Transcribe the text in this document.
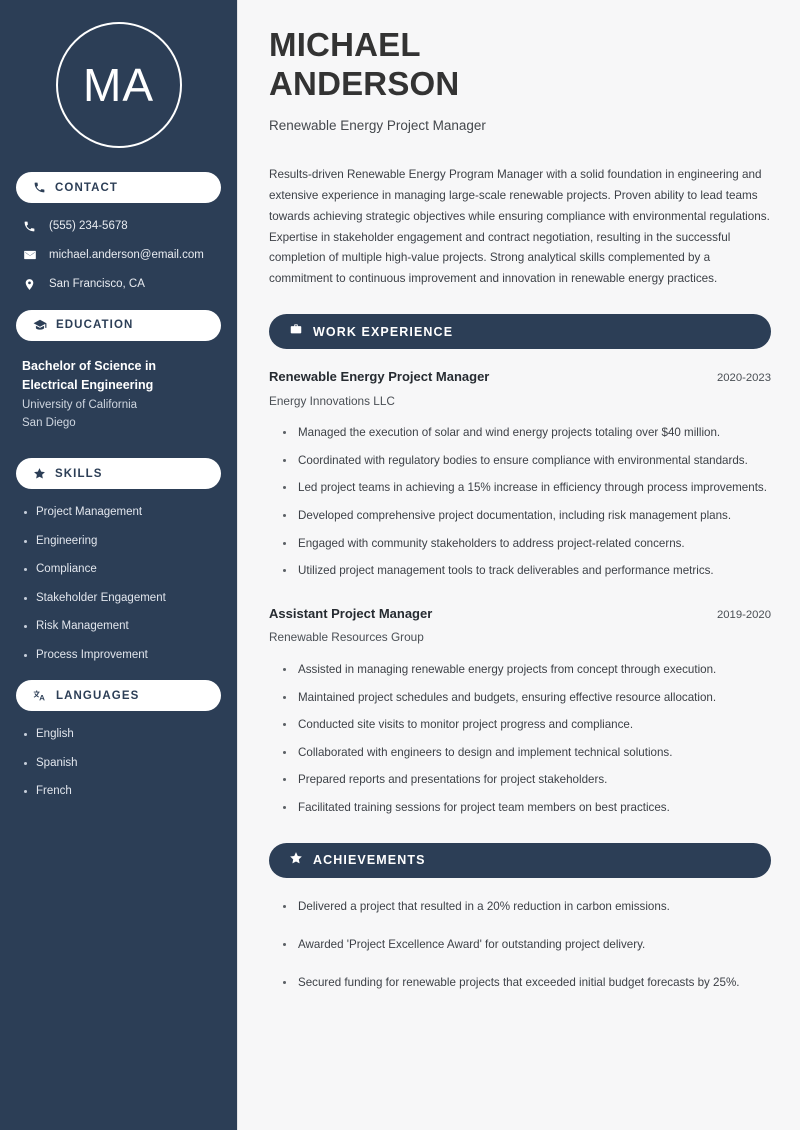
MA
CONTACT
(555) 234-5678
michael.anderson@email.com
San Francisco, CA
EDUCATION
Bachelor of Science in Electrical Engineering
University of California
San Diego
SKILLS
Project Management
Engineering
Compliance
Stakeholder Engagement
Risk Management
Process Improvement
LANGUAGES
English
Spanish
French
MICHAEL
ANDERSON
Renewable Energy Project Manager

Results-driven Renewable Energy Program Manager with a solid foundation in engineering and extensive experience in managing large-scale renewable projects. Proven ability to lead teams towards achieving strategic objectives while ensuring compliance with environmental regulations. Expertise in stakeholder engagement and contract negotiation, resulting in the successful completion of multiple high-value projects. Strong analytical skills complemented by a commitment to continuous improvement and innovation in renewable energy practices.

WORK EXPERIENCE
Renewable Energy Project Manager	2020-2023
Energy Innovations LLC
Managed the execution of solar and wind energy projects totaling over $40 million.
Coordinated with regulatory bodies to ensure compliance with environmental standards.
Led project teams in achieving a 15% increase in efficiency through process improvements.
Developed comprehensive project documentation, including risk management plans.
Engaged with community stakeholders to address project-related concerns.
Utilized project management tools to track deliverables and performance metrics.
Assistant Project Manager	2019-2020
Renewable Resources Group
Assisted in managing renewable energy projects from concept through execution.
Maintained project schedules and budgets, ensuring effective resource allocation.
Conducted site visits to monitor project progress and compliance.
Collaborated with engineers to design and implement technical solutions.
Prepared reports and presentations for project stakeholders.
Facilitated training sessions for project team members on best practices.
ACHIEVEMENTS
Delivered a project that resulted in a 20% reduction in carbon emissions.
Awarded 'Project Excellence Award' for outstanding project delivery.
Secured funding for renewable projects that exceeded initial budget forecasts by 25%.
